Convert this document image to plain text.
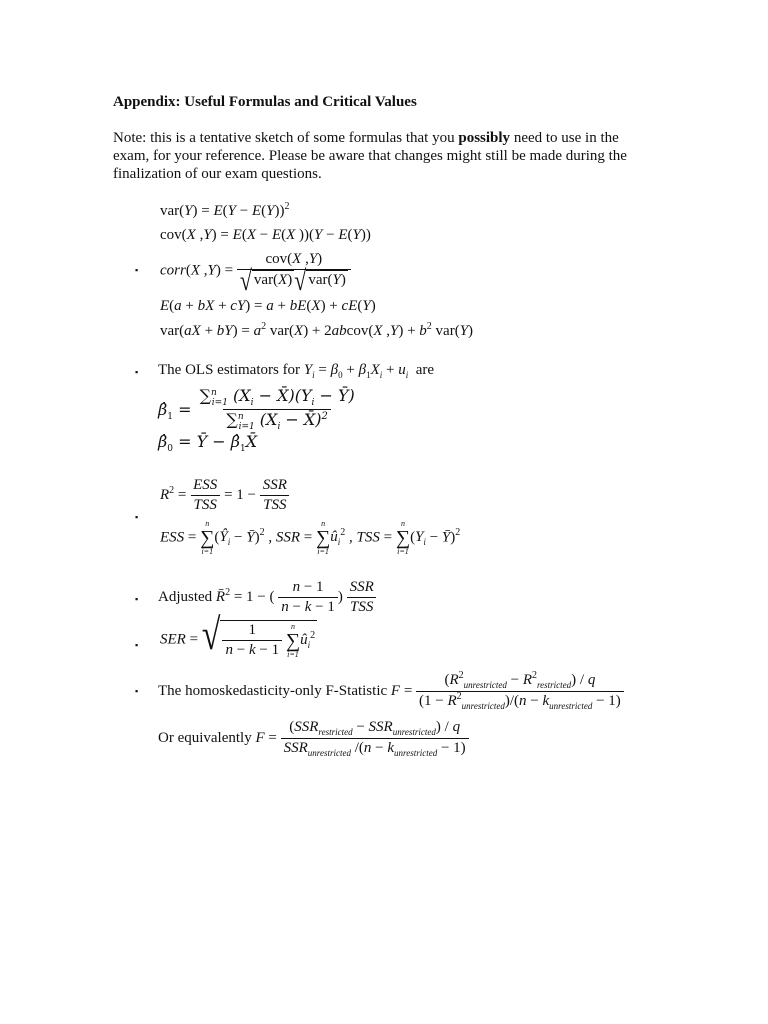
Appendix: Useful Formulas and Critical Values
Note: this is a tentative sketch of some formulas that you possibly need to use in the
exam, for your reference. Please be aware that changes might still be made during the
finalization of our exam questions.
$var(Y) = E(Y - E(Y))^2$
cov(X ,Y) = E(X − E(X ))(Y − E(Y))
▪ corr(X $,Y) = \frac{\text{cov(X ,Y)}}{\text{√ var(X) √ var(Y)}}$
E(a + bX + cY) = a + bE(X) + cE(Y)
$var(aX + bY) = a^2$ var(X) + 2abcov(X $,Y) + b^2$ var(Y)
▪ The OLS estimators for $Y_i = \beta_0 + \beta_1X_i + u_i$ are
$\betâ_1 = \frac{\sum^n_{i=1} (X_i - X̄)(Y_i - Ȳ)}{\sum^n_{i=1} (X_i - X̄)^2}$
$\betâ_0$ = Ȳ − $\betâ_1X̄$
$R^2 = \frac{\text{ESS}}{\text{TSS}} = 1 - \frac{\text{SSR}}{\text{TSS}}$
▪
ESS =
n
∑
i=1
($Ŷ_i$ − Ȳ)$^2$ , SSR =
n
∑
i=1
$û_i^2$ , TSS =
n
∑
i=1
($Y_i$ − Ȳ)$^2$
▪ Adjusted R̄$^2$ = 1 − ( $\frac{n - 1}{n - k - 1}$ ) $\frac{\text{SSR}}{\text{TSS}}$
▪ SER = √ $\frac{1}{n - k - 1}$
n
∑
i=1
$û_i^2$
▪ The homoskedasticity-only F-Statistic $F = \frac{(R^2_{unrestricted} - R^2_{restricted}) / q}{(1 - R^2_{unrestricted})/(n - k_{unrestricted} - 1)}$
Or equivalently $F = \frac{(SSR_{restricted} - SSR_{unrestricted}) / q}{SSR_{unrestricted} /(n - k_{unrestricted} - 1)}$
